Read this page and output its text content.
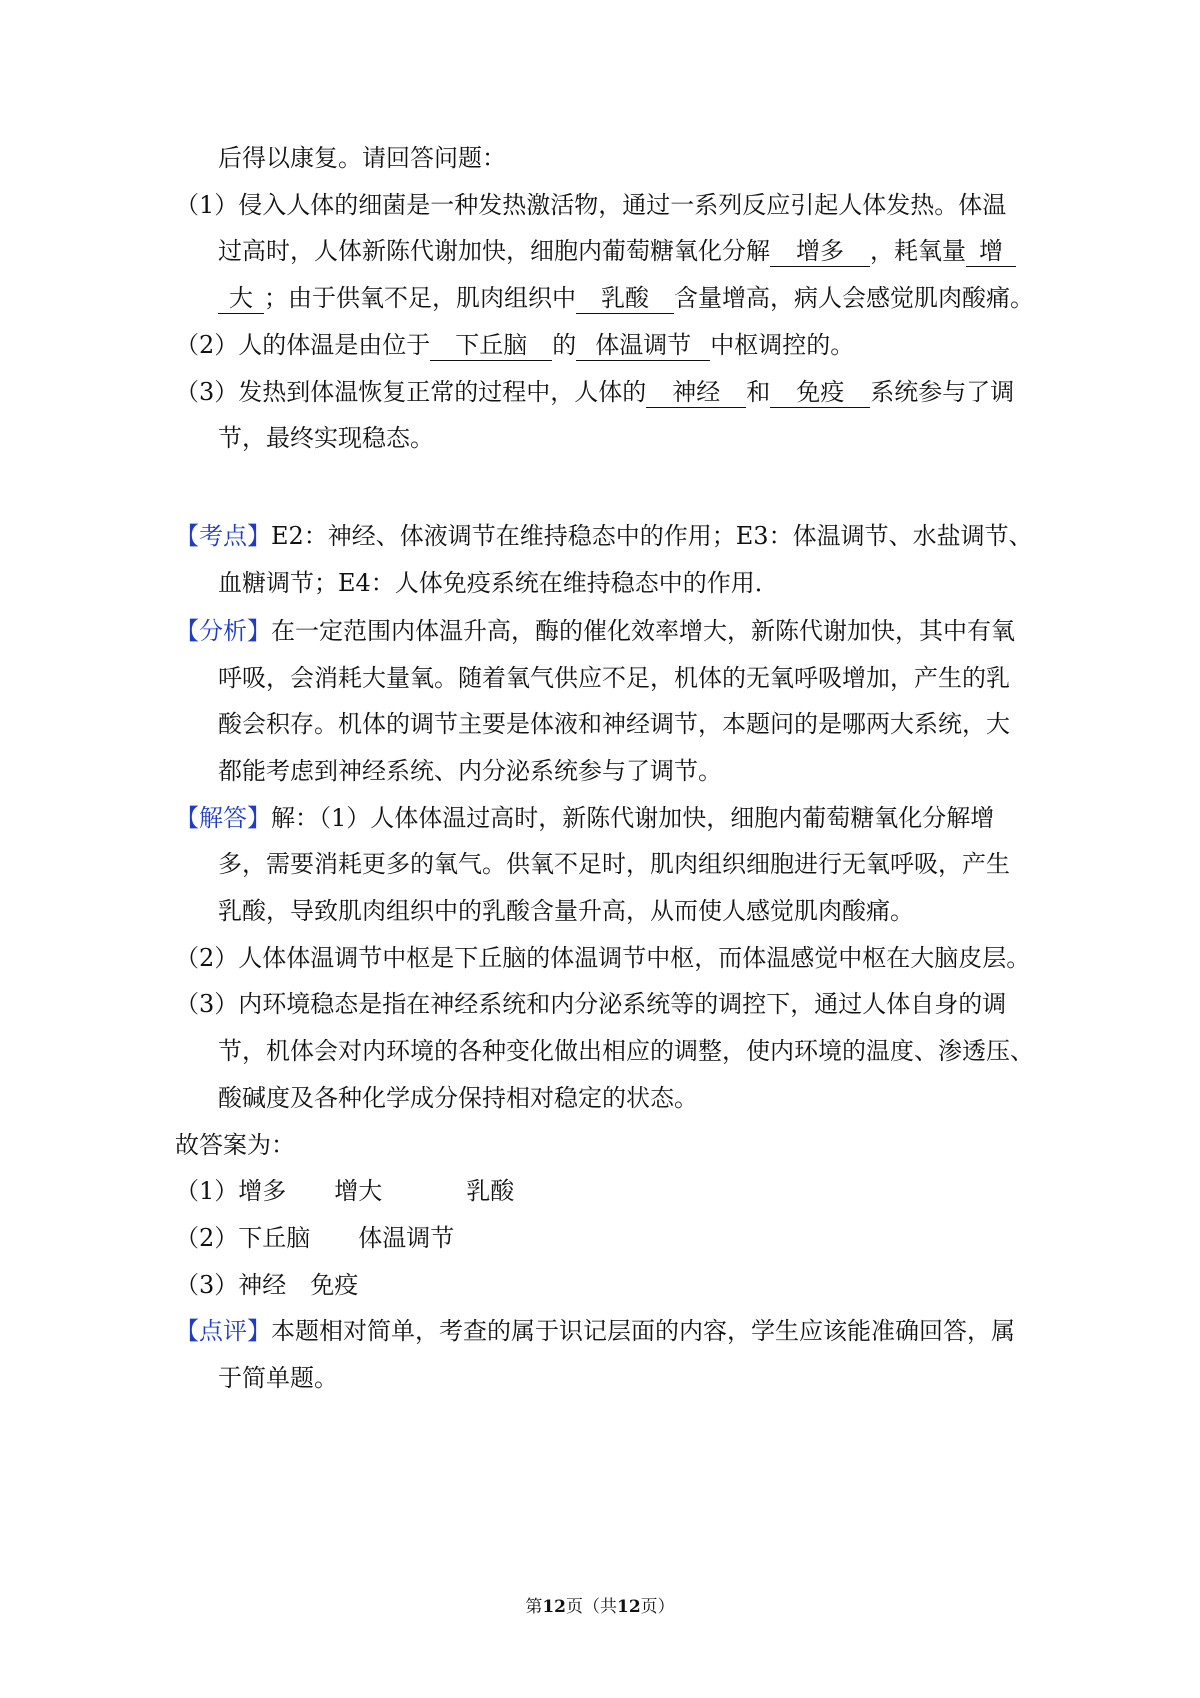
后得以康复。请回答问题：
（1）侵入人体的细菌是一种发热激活物，通过一系列反应引起人体发热。体温
过高时，人体新陈代谢加快，细胞内葡萄糖氧化分解 增多 ，耗氧量 增
大 ；由于供氧不足，肌肉组织中 乳酸 含量增高，病人会感觉肌肉酸痛。
（2）人的体温是由位于 下丘脑 的 体温调节 中枢调控的。
（3）发热到体温恢复正常的过程中，人体的 神经 和 免疫 系统参与了调
节，最终实现稳态。
【考点】E2：神经、体液调节在维持稳态中的作用；E3：体温调节、水盐调节、
血糖调节；E4：人体免疫系统在维持稳态中的作用．
【分析】在一定范围内体温升高，酶的催化效率增大，新陈代谢加快，其中有氧
呼吸，会消耗大量氧。随着氧气供应不足，机体的无氧呼吸增加，产生的乳
酸会积存。机体的调节主要是体液和神经调节，本题问的是哪两大系统，大
都能考虑到神经系统、内分泌系统参与了调节。
【解答】解：（1）人体体温过高时，新陈代谢加快，细胞内葡萄糖氧化分解增
多，需要消耗更多的氧气。供氧不足时，肌肉组织细胞进行无氧呼吸，产生
乳酸，导致肌肉组织中的乳酸含量升高，从而使人感觉肌肉酸痛。
（2）人体体温调节中枢是下丘脑的体温调节中枢，而体温感觉中枢在大脑皮层。
（3）内环境稳态是指在神经系统和内分泌系统等的调控下，通过人体自身的调
节，机体会对内环境的各种变化做出相应的调整，使内环境的温度、渗透压、
酸碱度及各种化学成分保持相对稳定的状态。
故答案为：
（1）增多 增大	乳酸
（2）下丘脑 体温调节
（3）神经 免疫
【点评】本题相对简单，考查的属于识记层面的内容，学生应该能准确回答，属
于简单题。
第12页（共12页）
